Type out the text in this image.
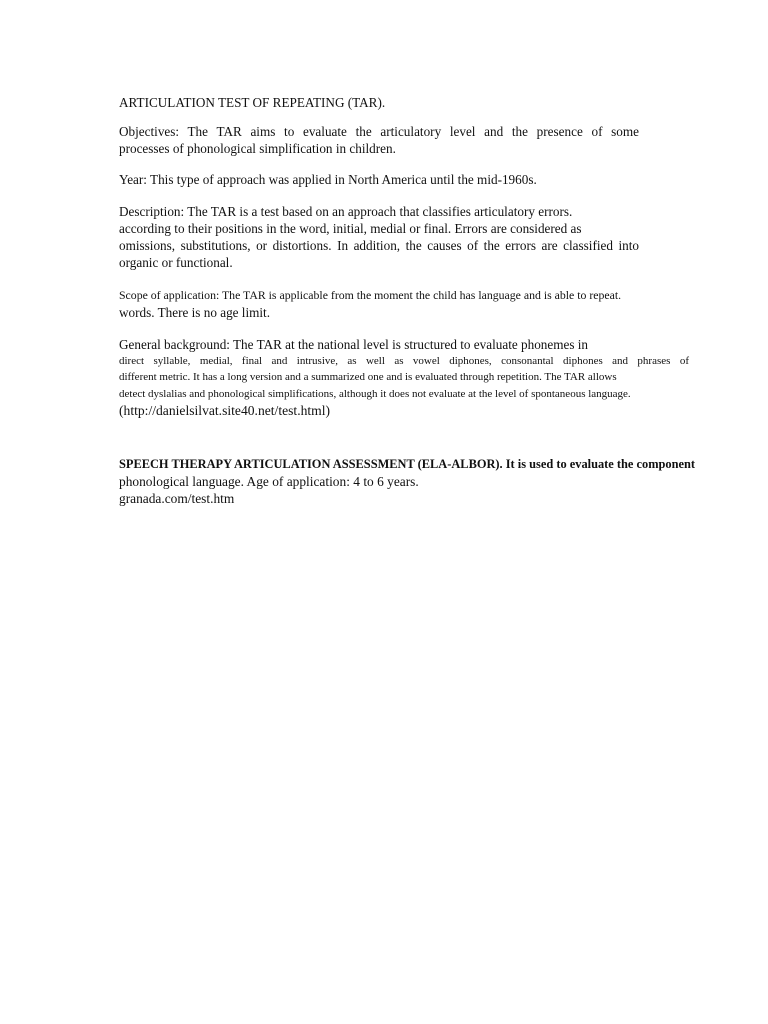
ARTICULATION TEST OF REPEATING (TAR).
Objectives: The TAR aims to evaluate the articulatory level and the presence of some
processes of phonological simplification in children.
Year: This type of approach was applied in North America until the mid-1960s.
Description: The TAR is a test based on an approach that classifies articulatory errors.
according to their positions in the word, initial, medial or final. Errors are considered as
omissions, substitutions, or distortions. In addition, the causes of the errors are classified into
organic or functional.
Scope of application: The TAR is applicable from the moment the child has language and is able to repeat.
words. There is no age limit.
General background: The TAR at the national level is structured to evaluate phonemes in
direct syllable, medial, final and intrusive, as well as vowel diphones, consonantal diphones and phrases of
different metric. It has a long version and a summarized one and is evaluated through repetition. The TAR allows
detect dyslalias and phonological simplifications, although it does not evaluate at the level of spontaneous language.
(http://danielsilvat.site40.net/test.html)
SPEECH THERAPY ARTICULATION ASSESSMENT (ELA-ALBOR). It is used to evaluate the component
phonological language. Age of application: 4 to 6 years.
granada.com/test.htm
